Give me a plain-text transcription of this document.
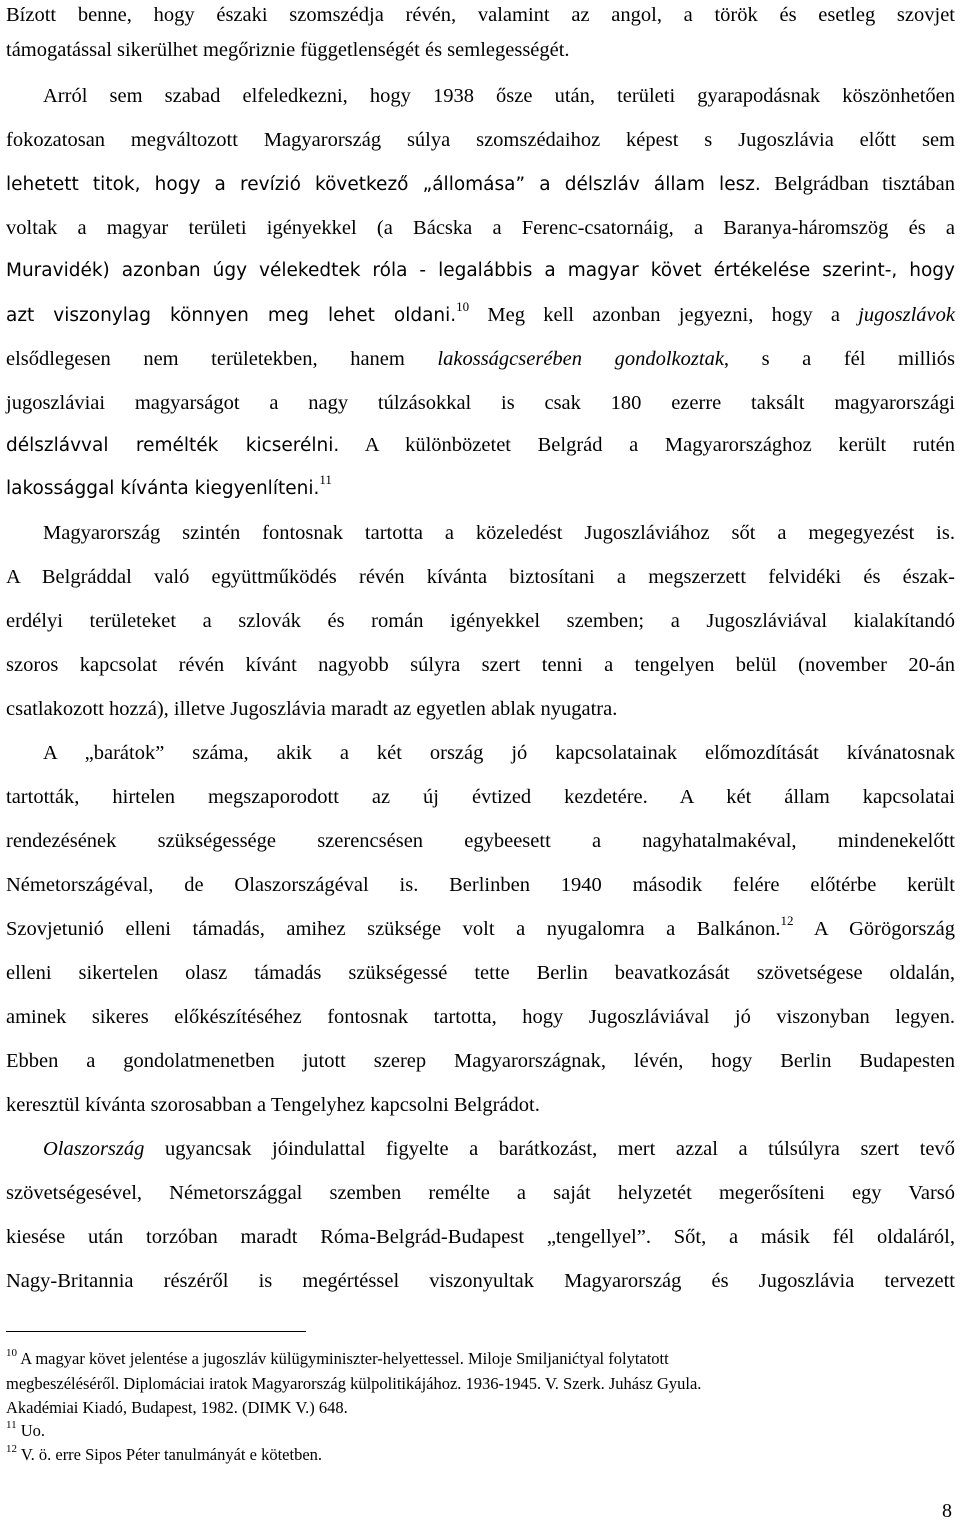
Bízott benne, hogy északi szomszédja révén, valamint az angol, a török és esetleg szovjet
támogatással sikerülhet megőriznie függetlenségét és semlegességét.
Arról sem szabad elfeledkezni, hogy 1938 ősze után, területi gyarapodásnak köszönhetően
fokozatosan megváltozott Magyarország súlya szomszédaihoz képest s Jugoszlávia előtt sem
lehetett titok, hogy a revízió következő „állomása” a délszláv állam lesz. Belgrádban tisztában
voltak a magyar területi igényekkel (a Bácska a Ferenc-csatornáig, a Baranya-háromszög és a
Muravidék) azonban úgy vélekedtek róla - legalábbis a magyar követ értékelése szerint-, hogy
azt viszonylag könnyen meg lehet oldani.$^{10}$ Meg kell azonban jegyezni, hogy a jugoszlávok
elsődlegesen nem területekben, hanem lakosságcserében gondolkoztak, s a fél milliós
jugoszláviai magyarságot a nagy túlzásokkal is csak 180 ezerre taksált magyarországi
délszlávval remélték kicserélni. A különbözetet Belgrád a Magyarországhoz került rutén
lakossággal kívánta kiegyenlíteni.$^{11}$
Magyarország szintén fontosnak tartotta a közeledést Jugoszláviához sőt a megegyezést is.
A Belgráddal való együttműködés révén kívánta biztosítani a megszerzett felvidéki és észak-
erdélyi területeket a szlovák és román igényekkel szemben; a Jugoszláviával kialakítandó
szoros kapcsolat révén kívánt nagyobb súlyra szert tenni a tengelyen belül (november 20-án
csatlakozott hozzá), illetve Jugoszlávia maradt az egyetlen ablak nyugatra.
A „barátok” száma, akik a két ország jó kapcsolatainak előmozdítását kívánatosnak
tartották, hirtelen megszaporodott az új évtized kezdetére. A két állam kapcsolatai
rendezésének szükségessége szerencsésen egybeesett a nagyhatalmakéval, mindenekelőtt
Németországéval, de Olaszországéval is. Berlinben 1940 második felére előtérbe került
Szovjetunió elleni támadás, amihez szüksége volt a nyugalomra a Balkánon.$^{12}$ A Görögország
elleni sikertelen olasz támadás szükségessé tette Berlin beavatkozását szövetségese oldalán,
aminek sikeres előkészítéséhez fontosnak tartotta, hogy Jugoszláviával jó viszonyban legyen.
Ebben a gondolatmenetben jutott szerep Magyarországnak, lévén, hogy Berlin Budapesten
keresztül kívánta szorosabban a Tengelyhez kapcsolni Belgrádot.
Olaszország ugyancsak jóindulattal figyelte a barátkozást, mert azzal a túlsúlyra szert tevő
szövetségesével, Németországgal szemben remélte a saját helyzetét megerősíteni egy Varsó
kiesése után torzóban maradt Róma-Belgrád-Budapest „tengellyel”. Sőt, a másik fél oldaláról,
Nagy-Britannia részéről is megértéssel viszonyultak Magyarország és Jugoszlávia tervezett
$^{10}$ A magyar követ jelentése a jugoszláv külügyminiszter-helyettessel. Miloje Smiljanićtyal folytatott
megbeszéléséről. Diplomáciai iratok Magyarország külpolitikájához. 1936-1945. V. Szerk. Juhász Gyula.
Akadémiai Kiadó, Budapest, 1982. (DIMK V.) 648.
$^{11}$ Uo.
$^{12}$ V. ö. erre Sipos Péter tanulmányát e kötetben.
8
